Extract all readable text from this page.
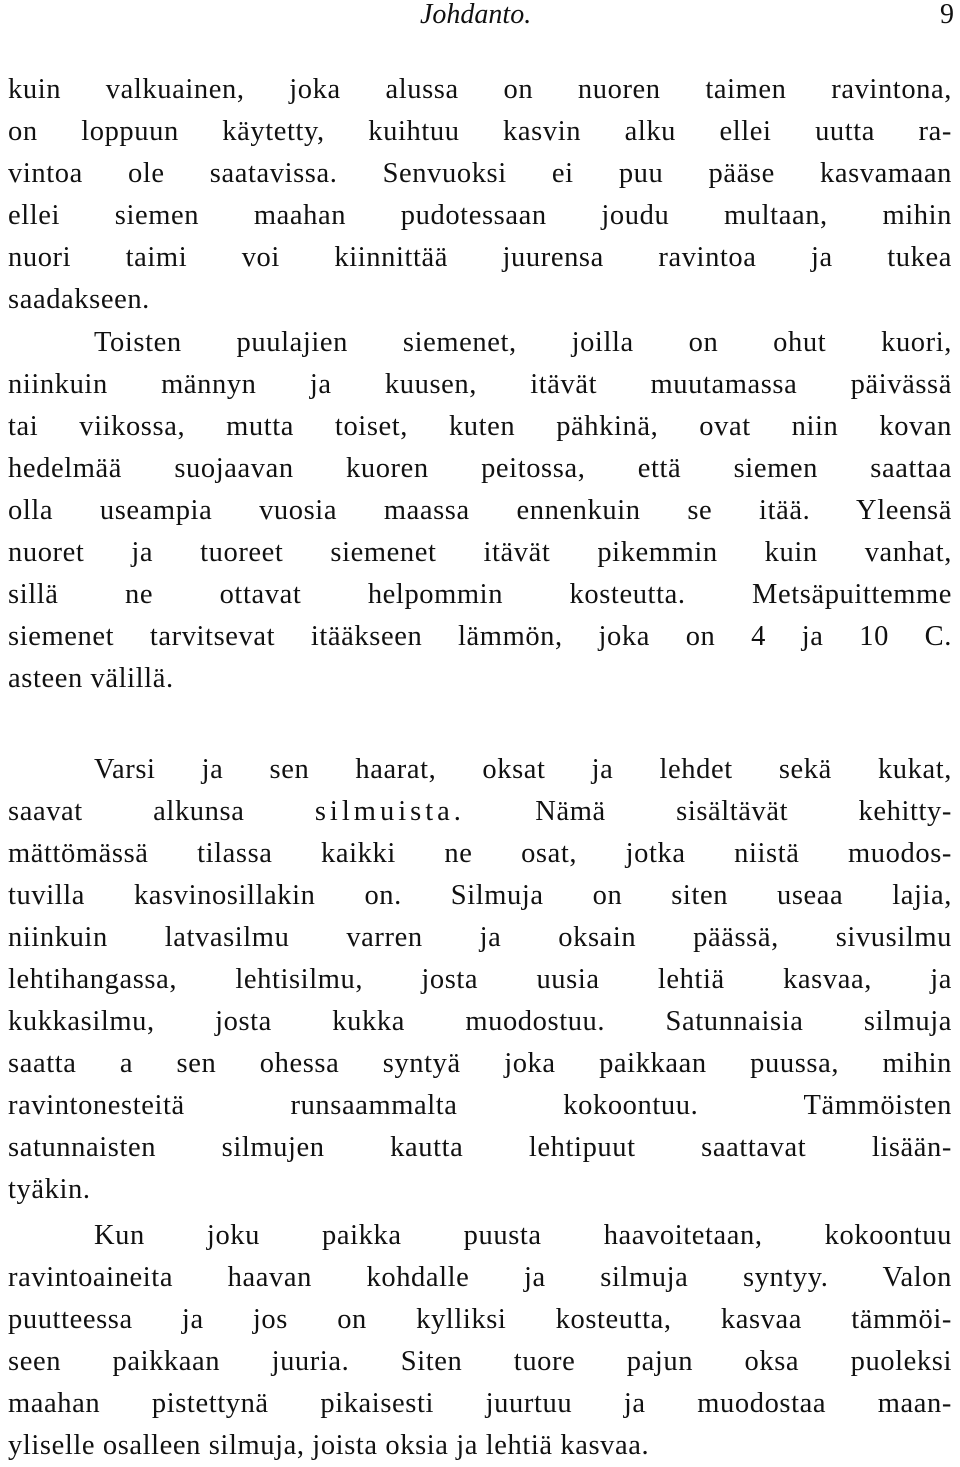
Johdanto.	9
kuin valkuainen, joka alussa on nuoren taimen ravintona,
on loppuun käytetty, kuihtuu kasvin alku ellei uutta ra-
vintoa ole saatavissa. Senvuoksi ei puu pääse kasvamaan
ellei siemen maahan pudotessaan joudu multaan, mihin
nuori taimi voi kiinnittää juurensa ravintoa ja tukea
saadakseen.
Toisten puulajien siemenet, joilla on ohut kuori,
niinkuin männyn ja kuusen, itävät muutamassa päivässä
tai viikossa, mutta toiset, kuten pähkinä, ovat niin kovan
hedelmää suojaavan kuoren peitossa, että siemen saattaa
olla useampia vuosia maassa ennenkuin se itää. Yleensä
nuoret ja tuoreet siemenet itävät pikemmin kuin vanhat,
sillä ne ottavat helpommin kosteutta. Metsäpuittemme
siemenet tarvitsevat itääkseen lämmön, joka on 4 ja 10 C.
asteen välillä.
Varsi ja sen haarat, oksat ja lehdet sekä kukat,
saavat alkunsa silmuista. Nämä sisältävät kehitty-
mättömässä tilassa kaikki ne osat, jotka niistä muodos-
tuvilla kasvinosillakin on. Silmuja on siten useaa lajia,
niinkuin latvasilmu varren ja oksain päässä, sivusilmu
lehtihangassa, lehtisilmu, josta uusia lehtiä kasvaa, ja
kukkasilmu, josta kukka muodostuu. Satunnaisia silmuja
saatta a sen ohessa syntyä joka paikkaan puussa, mihin
ravintonesteitä runsaammalta kokoontuu. Tämmöisten
satunnaisten silmujen kautta lehtipuut saattavat lisään-
tyäkin.
Kun joku paikka puusta haavoitetaan, kokoontuu
ravintoaineita haavan kohdalle ja silmuja syntyy. Valon
puutteessa ja jos on kylliksi kosteutta, kasvaa tämmöi-
seen paikkaan juuria. Siten tuore pajun oksa puoleksi
maahan pistettynä pikaisesti juurtuu ja muodostaa maan-
yliselle osalleen silmuja, joista oksia ja lehtiä kasvaa.
